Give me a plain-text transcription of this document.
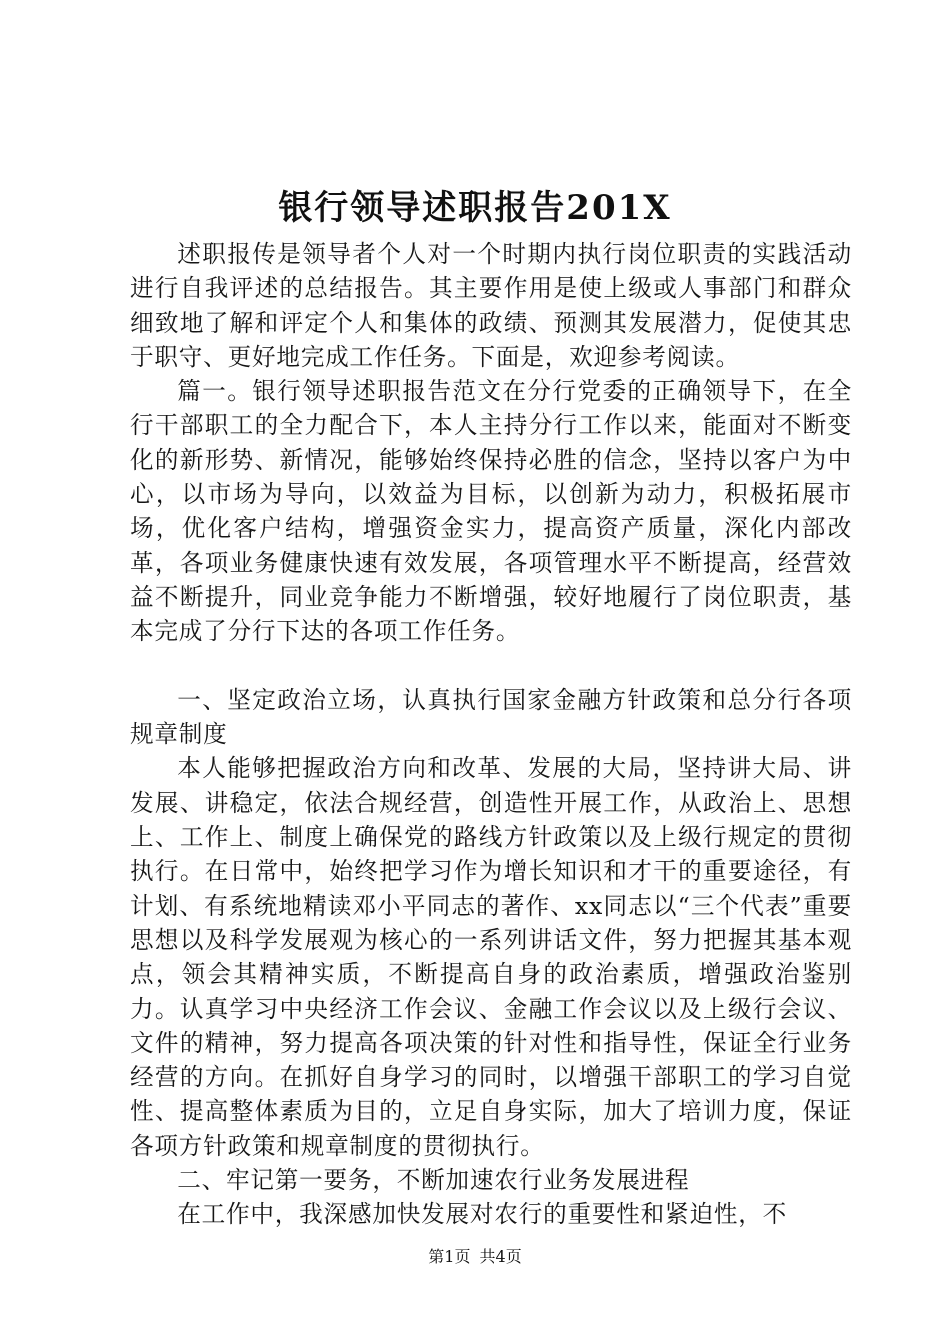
银行领导述职报告201X

述职报传是领导者个人对一个时期内执行岗位职责的实践活动进行自我评述的总结报告。其主要作用是使上级或人事部门和群众细致地了解和评定个人和集体的政绩、预测其发展潜力，促使其忠于职守、更好地完成工作任务。下面是，欢迎参考阅读。

篇一。银行领导述职报告范文在分行党委的正确领导下，在全行干部职工的全力配合下，本人主持分行工作以来，能面对不断变化的新形势、新情况，能够始终保持必胜的信念，坚持以客户为中心，以市场为导向，以效益为目标，以创新为动力，积极拓展市场，优化客户结构，增强资金实力，提高资产质量，深化内部改革，各项业务健康快速有效发展，各项管理水平不断提高，经营效益不断提升，同业竞争能力不断增强，较好地履行了岗位职责，基本完成了分行下达的各项工作任务。

一、坚定政治立场，认真执行国家金融方针政策和总分行各项规章制度

本人能够把握政治方向和改革、发展的大局，坚持讲大局、讲发展、讲稳定，依法合规经营，创造性开展工作，从政治上、思想上、工作上、制度上确保党的路线方针政策以及上级行规定的贯彻执行。在日常中，始终把学习作为增长知识和才干的重要途径，有计划、有系统地精读邓小平同志的著作、xx同志以“三个代表”重要思想以及科学发展观为核心的一系列讲话文件，努力把握其基本观点，领会其精神实质，不断提高自身的政治素质，增强政治鉴别力。认真学习中央经济工作会议、金融工作会议以及上级行会议、文件的精神，努力提高各项决策的针对性和指导性，保证全行业务经营的方向。在抓好自身学习的同时，以增强干部职工的学习自觉性、提高整体素质为目的，立足自身实际，加大了培训力度，保证各项方针政策和规章制度的贯彻执行。

二、牢记第一要务，不断加速农行业务发展进程

在工作中，我深感加快发展对农行的重要性和紧迫性，不

第1页 共4页
